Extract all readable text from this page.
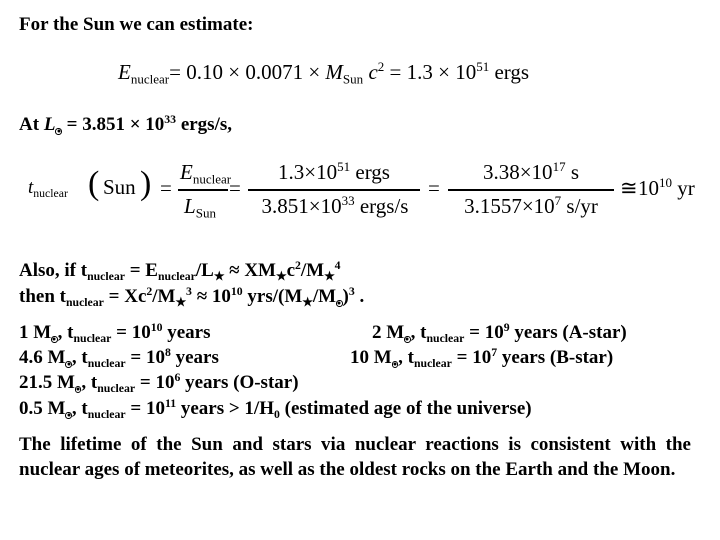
For the Sun we can estimate:
$E_{nuclear}= 0.10 \times 0.0071 \times M_{Sun}$ $c^2 = 1.3 \times 10^{51}$ ergs
At $L = 3.851 \times 10^{33}$ ergs/s,
$t_{nuclear}$ ( Sun ) =
$E_{nuclear}$
$L_{Sun}$
=
$1.3\times 10^{51}$ ergs
$3.851\times 10^{33}$ ergs/s
=
$3.38\times 10^{17}$ s
$3.1557\times 10^7$ s/yr
≅ $10^{10}$ yr
Also, if $t_{nuclear} = E_{nuclear}/L_★ \approx XM_★c^2/M_★^4$
then $t_{nuclear} = Xc^2/M_★^3 \approx 10^{10}$ yrs/($M_★/M$ )$^3$ .
1 M , $t_{nuclear} = 10^{10}$ years	2 M , $t_{nuclear} = 10^9$ years (A-star)
4.6 M , $t_{nuclear} = 10^8$ years	10 M , $t_{nuclear} = 10^7$ years (B-star)
21.5 M , $t_{nuclear} = 10^6$ years (O-star)
0.5 M , $t_{nuclear} = 10^{11}$ years > $1/H_0$ (estimated age of the universe)
The lifetime of the Sun and stars via nuclear reactions is consistent with the nuclear ages of meteorites, as well as the oldest rocks on the Earth and the Moon.
